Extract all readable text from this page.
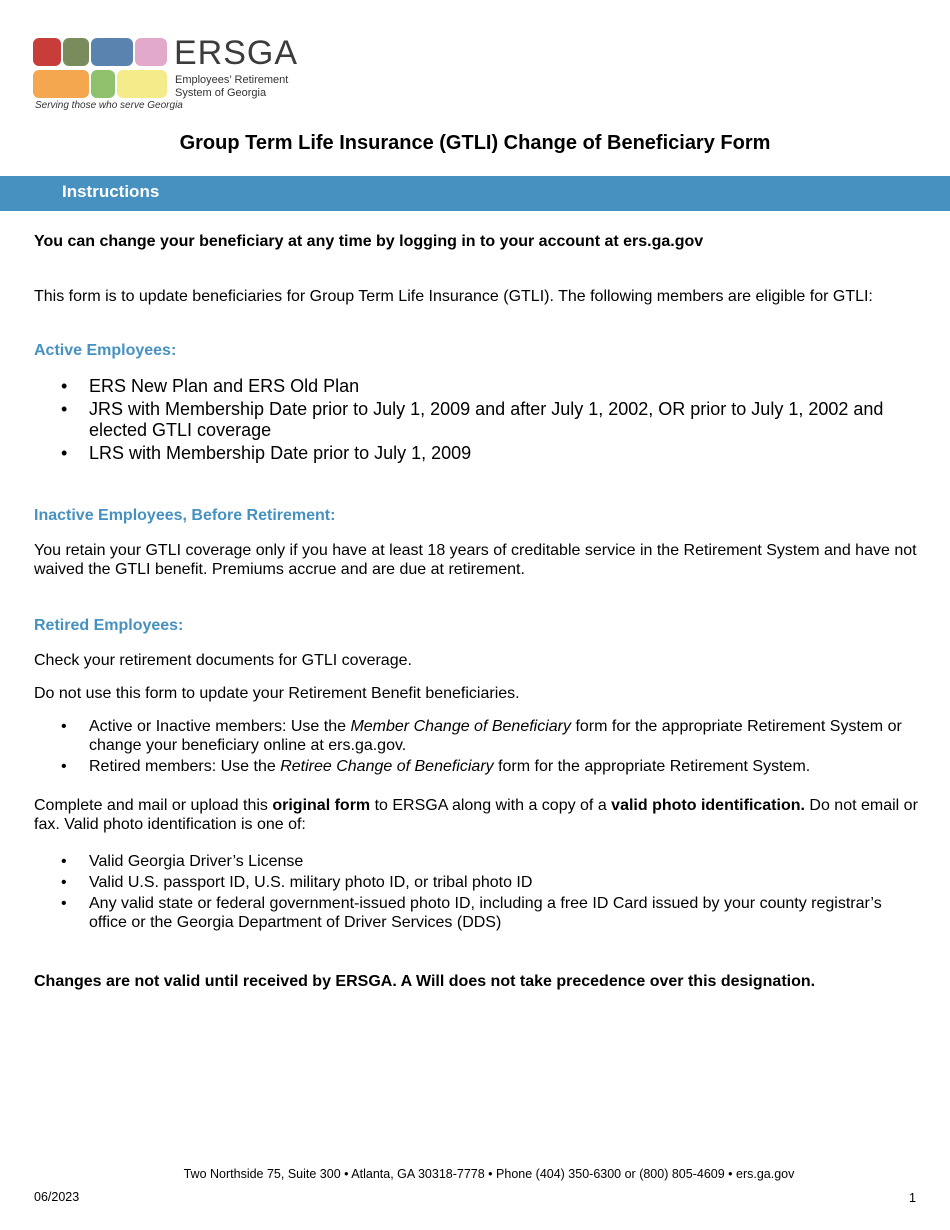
ERSGA
Employees’ Retirement
System of Georgia
Serving those who serve Georgia
Group Term Life Insurance (GTLI) Change of Beneficiary Form
Instructions

You can change your beneficiary at any time by logging in to your account at ers.ga.gov

This form is to update beneficiaries for Group Term Life Insurance (GTLI). The following members are eligible for GTLI:

Active Employees:
• ERS New Plan and ERS Old Plan
• JRS with Membership Date prior to July 1, 2009 and after July 1, 2002, OR prior to July 1, 2002 and elected GTLI coverage
• LRS with Membership Date prior to July 1, 2009
Inactive Employees, Before Retirement:

You retain your GTLI coverage only if you have at least 18 years of creditable service in the Retirement System and have not waived the GTLI benefit. Premiums accrue and are due at retirement.

Retired Employees:

Check your retirement documents for GTLI coverage.

Do not use this form to update your Retirement Benefit beneficiaries.

• Active or Inactive members: Use the Member Change of Beneficiary form for the appropriate Retirement System or change your beneficiary online at ers.ga.gov.
• Retired members: Use the Retiree Change of Beneficiary form for the appropriate Retirement System.

Complete and mail or upload this original form to ERSGA along with a copy of a valid photo identification. Do not email or fax. Valid photo identification is one of:

• Valid Georgia Driver’s License
• Valid U.S. passport ID, U.S. military photo ID, or tribal photo ID
• Any valid state or federal government-issued photo ID, including a free ID Card issued by your county registrar’s office or the Georgia Department of Driver Services (DDS)

Changes are not valid until received by ERSGA. A Will does not take precedence over this designation.

Two Northside 75, Suite 300 • Atlanta, GA 30318-7778 • Phone (404) 350-6300 or (800) 805-4609 • ers.ga.gov
06/2023	1
